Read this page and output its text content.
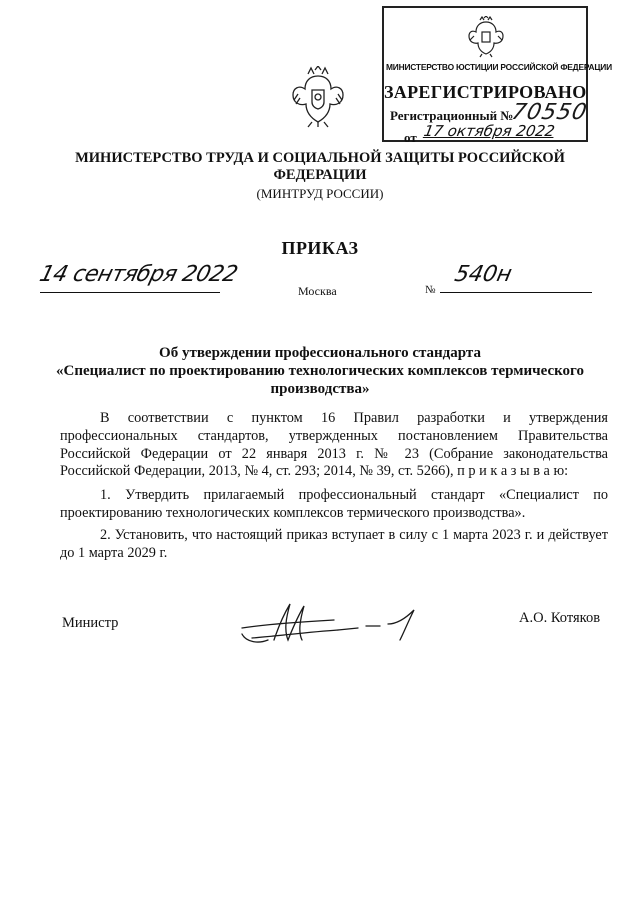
МИНИСТЕРСТВО ЮСТИЦИИ РОССИЙСКОЙ ФЕДЕРАЦИИ
ЗАРЕГИСТРИРОВАНО
Регистрационный №
70550
от 17 октября 2022
МИНИСТЕРСТВО ТРУДА И СОЦИАЛЬНОЙ ЗАЩИТЫ РОССИЙСКОЙ ФЕДЕРАЦИИ
(МИНТРУД РОССИИ)
ПРИКАЗ
14 сентября 2022
Москва	№
540н
Об утверждении профессионального стандарта
«Специалист по проектированию технологических комплексов термического производства»

В соответствии с пунктом 16 Правил разработки и утверждения профессиональных стандартов, утвержденных постановлением Правительства Российской Федерации от 22 января 2013 г. № 23 (Собрание законодательства Российской Федерации, 2013, № 4, ст. 293; 2014, № 39, ст. 5266), п р и к а з ы в а ю:

1. Утвердить прилагаемый профессиональный стандарт «Специалист по проектированию технологических комплексов термического производства».

2. Установить, что настоящий приказ вступает в силу с 1 марта 2023 г. и действует до 1 марта 2029 г.

Министр	А.О. Котяков
